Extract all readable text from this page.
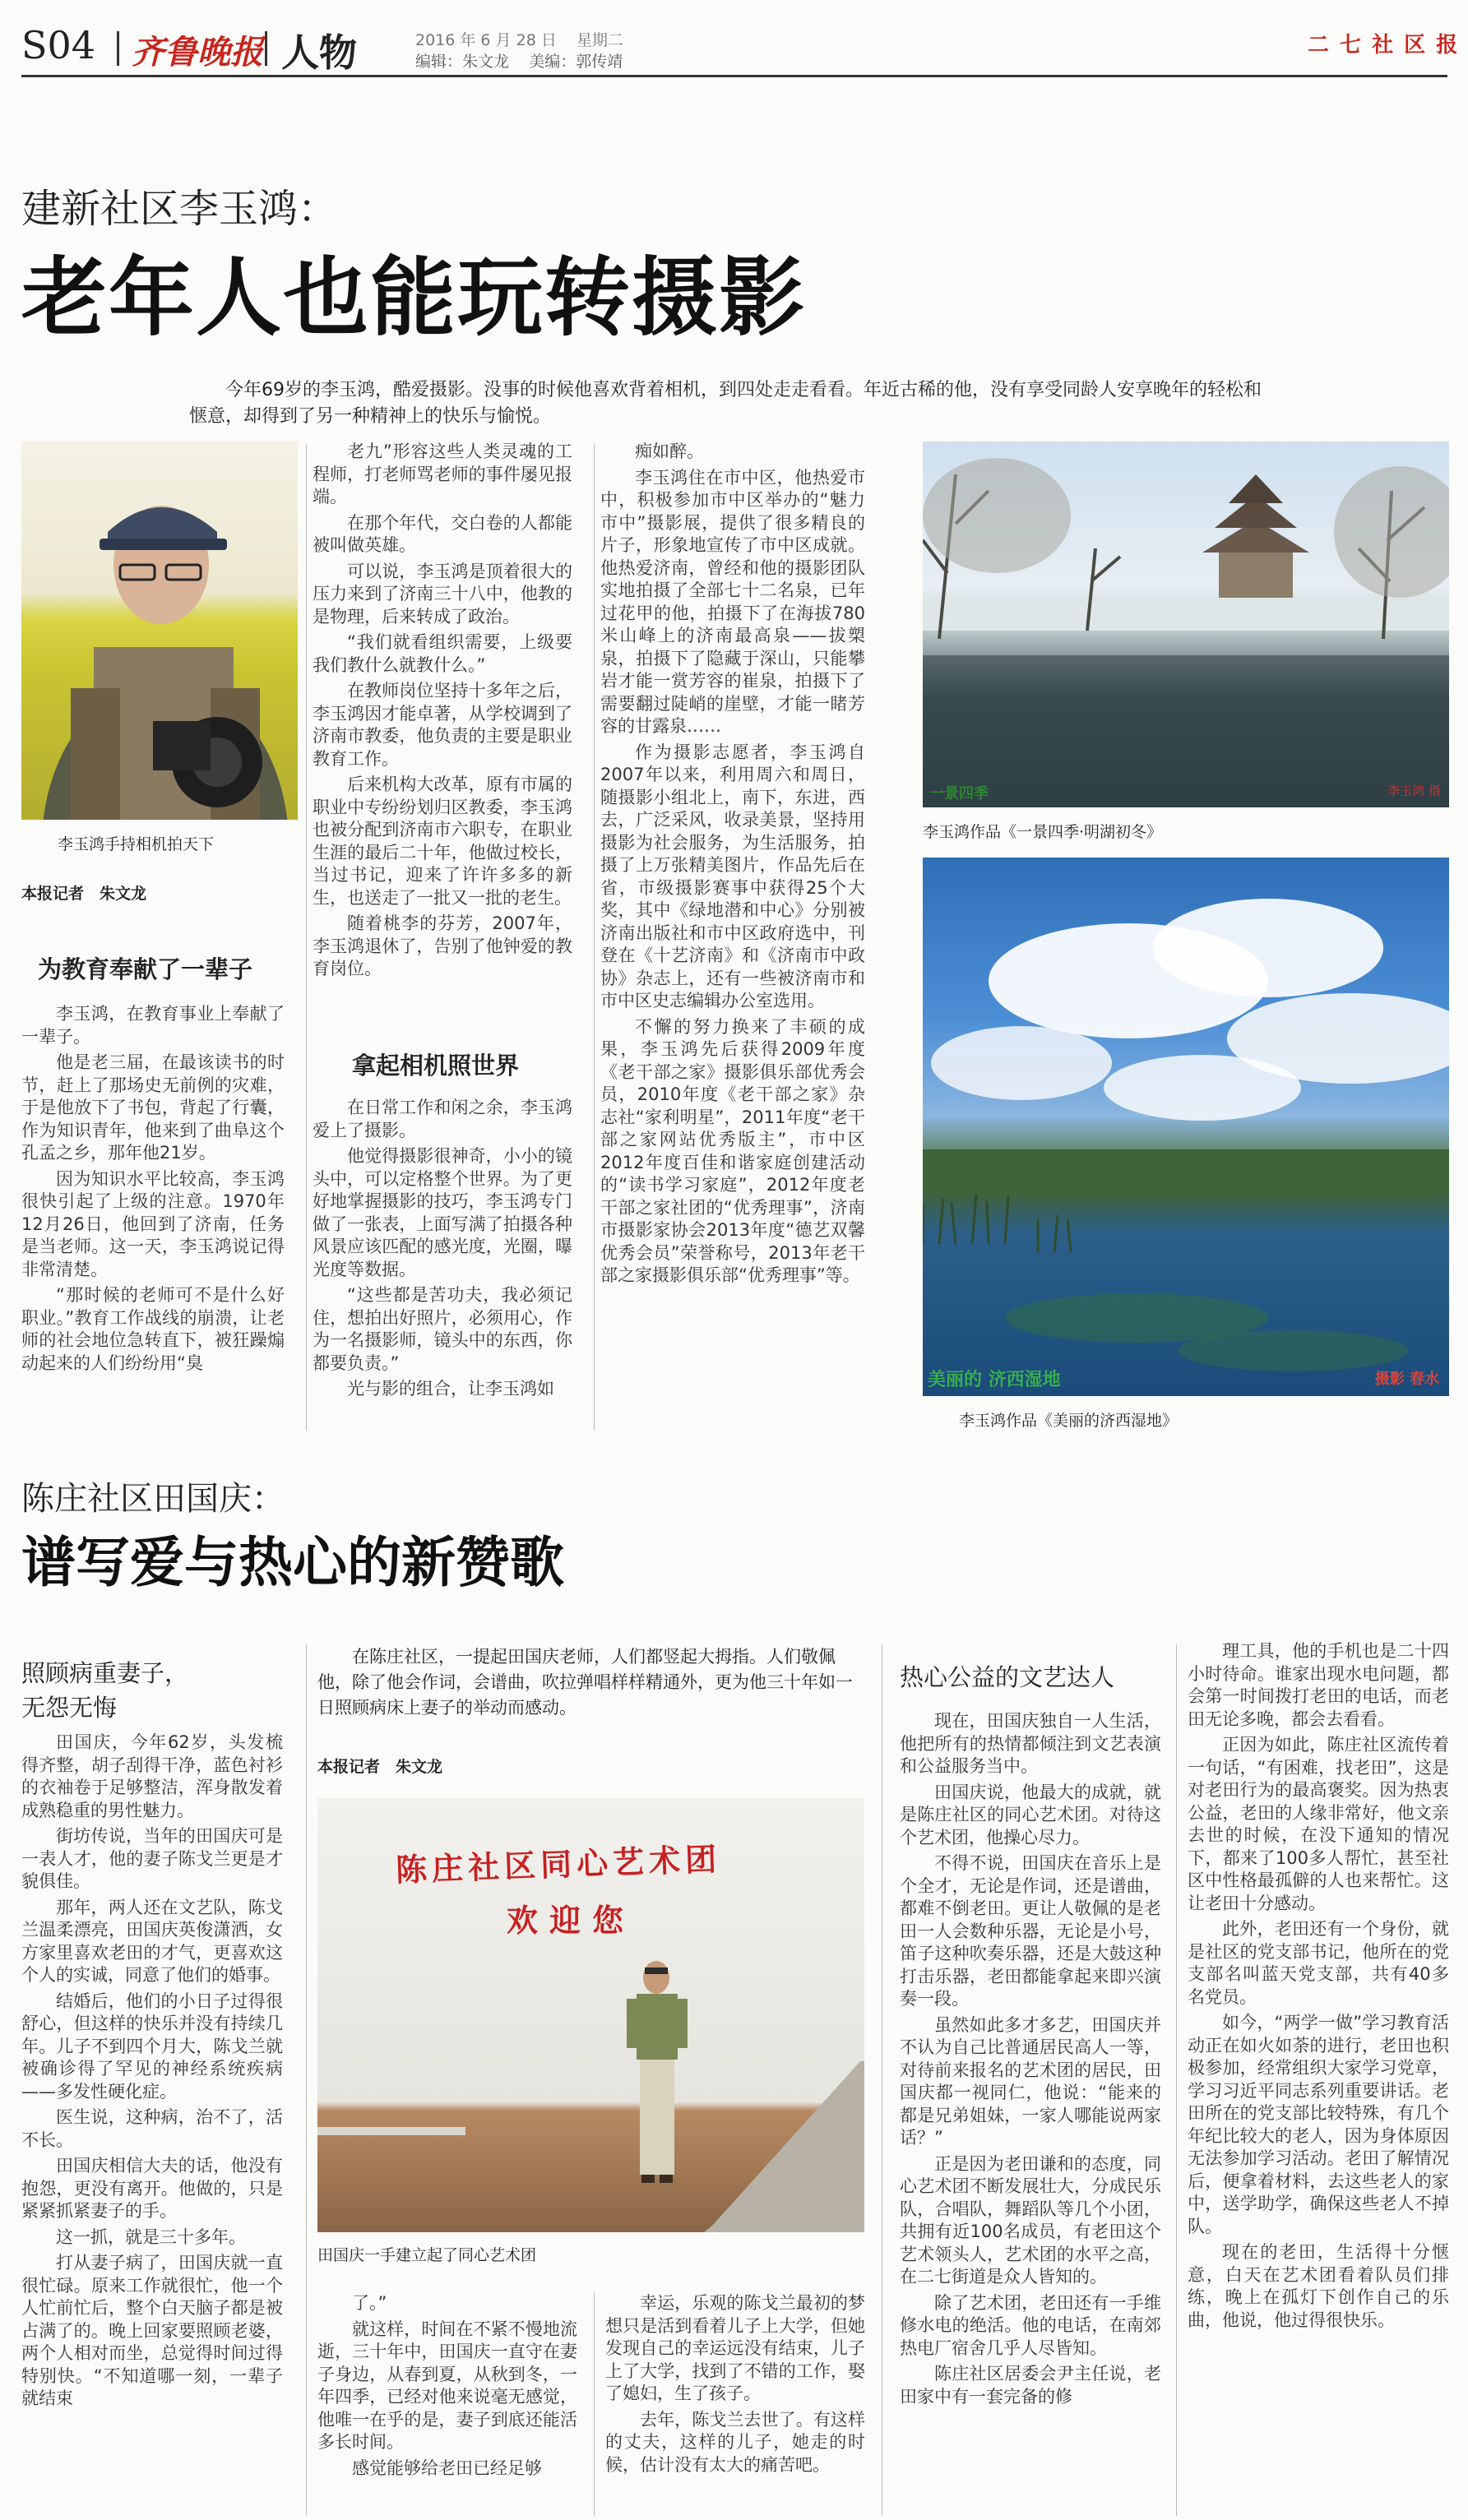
S04 齐鲁晚报 人物	2016 年 6 月 28 日 星期二
编辑：朱文龙 美编：郭传靖
二 七 社 区 报
建新社区李玉鸿：
老年人也能玩转摄影
今年69岁的李玉鸿，酷爱摄影。没事的时候他喜欢背着相机，到四处走走看看。年近古稀的他，没有享受同龄人安享晚年的轻松和惬意，却得到了另一种精神上的快乐与愉悦。
李玉鸿手持相机拍天下
本报记者　朱文龙
为教育奉献了一辈子

李玉鸿，在教育事业上奉献了一辈子。

他是老三届，在最该读书的时节，赶上了那场史无前例的灾难，于是他放下了书包，背起了行囊，作为知识青年，他来到了曲阜这个孔孟之乡，那年他21岁。

因为知识水平比较高，李玉鸿很快引起了上级的注意。1970年12月26日，他回到了济南，任务是当老师。这一天，李玉鸿说记得非常清楚。

“那时候的老师可不是什么好职业。”教育工作战线的崩溃，让老师的社会地位急转直下，被狂躁煽动起来的人们纷纷用“臭

老九”形容这些人类灵魂的工程师，打老师骂老师的事件屡见报端。

在那个年代，交白卷的人都能被叫做英雄。

可以说，李玉鸿是顶着很大的压力来到了济南三十八中，他教的是物理，后来转成了政治。

“我们就看组织需要，上级要我们教什么就教什么。”

在教师岗位坚持十多年之后，李玉鸿因才能卓著，从学校调到了济南市教委，他负责的主要是职业教育工作。

后来机构大改革，原有市属的职业中专纷纷划归区教委，李玉鸿也被分配到济南市六职专，在职业生涯的最后二十年，他做过校长，当过书记，迎来了许许多多的新生，也送走了一批又一批的老生。

随着桃李的芬芳，2007年，李玉鸿退休了，告别了他钟爱的教育岗位。

拿起相机照世界

在日常工作和闲之余，李玉鸿爱上了摄影。

他觉得摄影很神奇，小小的镜头中，可以定格整个世界。为了更好地掌握摄影的技巧，李玉鸿专门做了一张表，上面写满了拍摄各种风景应该匹配的感光度，光圈，曝光度等数据。

“这些都是苦功夫，我必须记住，想拍出好照片，必须用心，作为一名摄影师，镜头中的东西，你都要负责。”

光与影的组合，让李玉鸿如

痴如醉。

李玉鸿住在市中区，他热爱市中，积极参加市中区举办的“魅力市中”摄影展，提供了很多精良的片子，形象地宣传了市中区成就。他热爱济南，曾经和他的摄影团队实地拍摄了全部七十二名泉，已年过花甲的他，拍摄下了在海拔780米山峰上的济南最高泉——拔槊泉，拍摄下了隐藏于深山，只能攀岩才能一赏芳容的崔泉，拍摄下了需要翻过陡峭的崖壁，才能一睹芳容的甘露泉……

作为摄影志愿者，李玉鸿自2007年以来，利用周六和周日，随摄影小组北上，南下，东进，西去，广泛采风，收录美景，坚持用摄影为社会服务，为生活服务，拍摄了上万张精美图片，作品先后在省，市级摄影赛事中获得25个大奖，其中《绿地潜和中心》分别被济南出版社和市中区政府选中，刊登在《十艺济南》和《济南市中政协》杂志上，还有一些被济南市和市中区史志编辑办公室选用。

不懈的努力换来了丰硕的成果，李玉鸿先后获得2009年度《老干部之家》摄影俱乐部优秀会员，2010年度《老干部之家》杂志社“家利明星”，2011年度“老干部之家网站优秀版主”，市中区2012年度百佳和谐家庭创建活动的“读书学习家庭”，2012年度老干部之家社团的“优秀理事”，济南市摄影家协会2013年度“德艺双馨优秀会员”荣誉称号，2013年老干部之家摄影俱乐部“优秀理事”等。

一景四季	李玉鸿 摄
李玉鸿作品《一景四季·明湖初冬》
美丽的 济西湿地	摄影 春水
李玉鸿作品《美丽的济西湿地》
陈庄社区田国庆：
谱写爱与热心的新赞歌
照顾病重妻子，
无怨无悔

田国庆，今年62岁，头发梳得齐整，胡子刮得干净，蓝色衬衫的衣袖卷于足够整洁，浑身散发着成熟稳重的男性魅力。

街坊传说，当年的田国庆可是一表人才，他的妻子陈戈兰更是才貌俱佳。

那年，两人还在文艺队，陈戈兰温柔漂亮，田国庆英俊潇洒，女方家里喜欢老田的才气，更喜欢这个人的实诚，同意了他们的婚事。

结婚后，他们的小日子过得很舒心，但这样的快乐并没有持续几年。儿子不到四个月大，陈戈兰就被确诊得了罕见的神经系统疾病——多发性硬化症。

医生说，这种病，治不了，活不长。

田国庆相信大夫的话，他没有抱怨，更没有离开。他做的，只是紧紧抓紧妻子的手。

这一抓，就是三十多年。

打从妻子病了，田国庆就一直很忙碌。原来工作就很忙，他一个人忙前忙后，整个白天脑子都是被占满了的。晚上回家要照顾老婆，两个人相对而坐，总觉得时间过得特别快。“不知道哪一刻，一辈子就结束

在陈庄社区，一提起田国庆老师，人们都竖起大拇指。人们敬佩他，除了他会作词，会谱曲，吹拉弹唱样样精通外，更为他三十年如一日照顾病床上妻子的举动而感动。
本报记者　朱文龙
陈庄社区同心艺术团
欢迎您
田国庆一手建立起了同心艺术团

了。”

就这样，时间在不紧不慢地流逝，三十年中，田国庆一直守在妻子身边，从春到夏，从秋到冬，一年四季，已经对他来说毫无感觉，他唯一在乎的是，妻子到底还能活多长时间。

感觉能够给老田已经足够

幸运，乐观的陈戈兰最初的梦想只是活到看着儿子上大学，但她发现自己的幸运远没有结束，儿子上了大学，找到了不错的工作，娶了媳妇，生了孩子。

去年，陈戈兰去世了。有这样的丈夫，这样的儿子，她走的时候，估计没有太大的痛苦吧。

热心公益的文艺达人

现在，田国庆独自一人生活，他把所有的热情都倾注到文艺表演和公益服务当中。

田国庆说，他最大的成就，就是陈庄社区的同心艺术团。对待这个艺术团，他操心尽力。

不得不说，田国庆在音乐上是个全才，无论是作词，还是谱曲，都难不倒老田。更让人敬佩的是老田一人会数种乐器，无论是小号，笛子这种吹奏乐器，还是大鼓这种打击乐器，老田都能拿起来即兴演奏一段。

虽然如此多才多艺，田国庆并不认为自己比普通居民高人一等，对待前来报名的艺术团的居民，田国庆都一视同仁，他说：“能来的都是兄弟姐妹，一家人哪能说两家话？”

正是因为老田谦和的态度，同心艺术团不断发展壮大，分成民乐队，合唱队，舞蹈队等几个小团，共拥有近100名成员，有老田这个艺术领头人，艺术团的水平之高，在二七街道是众人皆知的。

除了艺术团，老田还有一手维修水电的绝活。他的电话，在南郊热电厂宿舍几乎人尽皆知。

陈庄社区居委会尹主任说，老田家中有一套完备的修

理工具，他的手机也是二十四小时待命。谁家出现水电问题，都会第一时间拨打老田的电话，而老田无论多晚，都会去看看。

正因为如此，陈庄社区流传着一句话，“有困难，找老田”，这是对老田行为的最高褒奖。因为热衷公益，老田的人缘非常好，他文亲去世的时候，在没下通知的情况下，都来了100多人帮忙，甚至社区中性格最孤僻的人也来帮忙。这让老田十分感动。

此外，老田还有一个身份，就是社区的党支部书记，他所在的党支部名叫蓝天党支部，共有40多名党员。

如今，“两学一做”学习教育活动正在如火如荼的进行，老田也积极参加，经常组织大家学习党章，学习习近平同志系列重要讲话。老田所在的党支部比较特殊，有几个年纪比较大的老人，因为身体原因无法参加学习活动。老田了解情况后，便拿着材料，去这些老人的家中，送学助学，确保这些老人不掉队。

现在的老田，生活得十分惬意，白天在艺术团看着队员们排练，晚上在孤灯下创作自己的乐曲，他说，他过得很快乐。
